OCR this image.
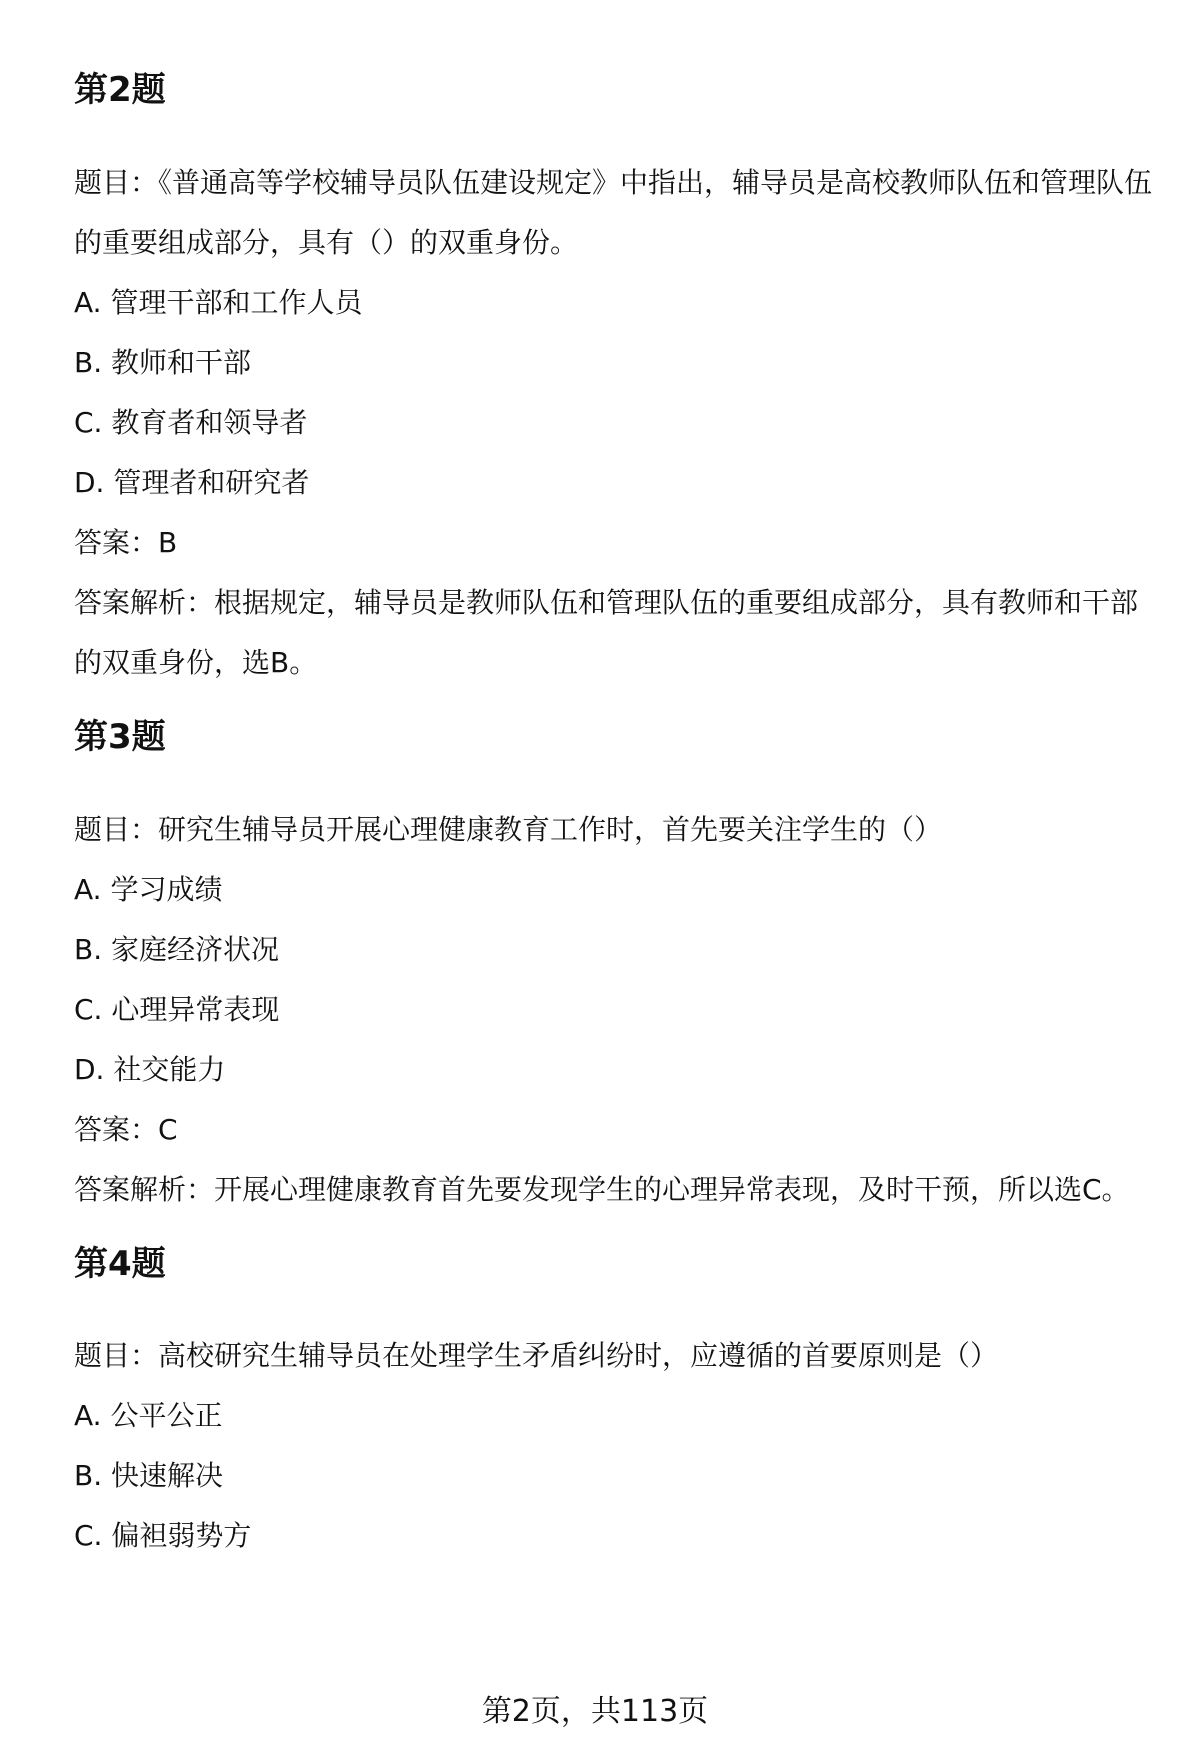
第2题

题目：《普通高等学校辅导员队伍建设规定》中指出，辅导员是高校教师队伍和管理队伍的重要组成部分，具有（）的双重身份。

A. 管理干部和工作人员

B. 教师和干部

C. 教育者和领导者

D. 管理者和研究者

答案：B

答案解析：根据规定，辅导员是教师队伍和管理队伍的重要组成部分，具有教师和干部的双重身份，选B。

第3题

题目：研究生辅导员开展心理健康教育工作时，首先要关注学生的（）

A. 学习成绩

B. 家庭经济状况

C. 心理异常表现

D. 社交能力

答案：C

答案解析：开展心理健康教育首先要发现学生的心理异常表现，及时干预，所以选C。

第4题

题目：高校研究生辅导员在处理学生矛盾纠纷时，应遵循的首要原则是（）

A. 公平公正

B. 快速解决

C. 偏袒弱势方

第2页，共113页
